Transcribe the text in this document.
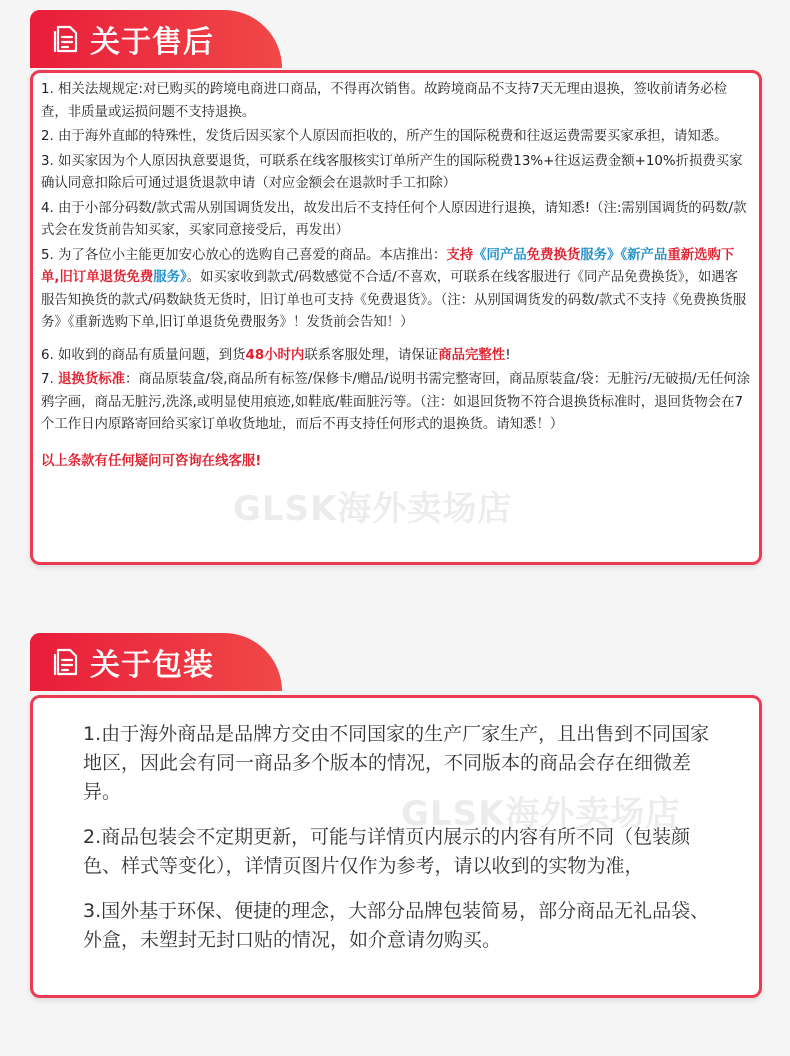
GLSK海外卖场店
1. 相关法规规定:对已购买的跨境电商进口商品，不得再次销售。故跨境商品不支持7天无理由退换，签收前请务必检查，非质量或运损问题不支持退换。
2. 由于海外直邮的特殊性，发货后因买家个人原因而拒收的，所产生的国际税费和往返运费需要买家承担，请知悉。
3. 如买家因为个人原因执意要退货，可联系在线客服核实订单所产生的国际税费13%+往返运费金额+10%折损费买家确认同意扣除后可通过退货退款申请（对应金额会在退款时手工扣除）
4. 由于小部分码数/款式需从别国调货发出，故发出后不支持任何个人原因进行退换，请知悉!（注:需别国调货的码数/款式会在发货前告知买家，买家同意接受后，再发出）
5. 为了各位小主能更加安心放心的选购自己喜爱的商品。本店推出：支持《同产品免费换货服务》《新产品重新选购下单,旧订单退货免费服务》。如买家收到款式/码数感觉不合适/不喜欢，可联系在线客服进行《同产品免费换货》，如遇客服告知换货的款式/码数缺货无货时，旧订单也可支持《免费退货》。（注：从别国调货发的码数/款式不支持《免费换货服务》《重新选购下单,旧订单退货免费服务》！发货前会告知！）
6. 如收到的商品有质量问题，到货48小时内联系客服处理，请保证商品完整性!
7. 退换货标准：商品原装盒/袋,商品所有标签/保修卡/赠品/说明书需完整寄回，商品原装盒/袋：无脏污/无破损/无任何涂鸦字画，商品无脏污,洗涤,或明显使用痕迹,如鞋底/鞋面脏污等。（注：如退回货物不符合退换货标准时，退回货物会在7个工作日内原路寄回给买家订单收货地址，而后不再支持任何形式的退换货。请知悉！）
以上条款有任何疑问可咨询在线客服!
关于售后
GLSK海外卖场店
1.由于海外商品是品牌方交由不同国家的生产厂家生产，且出售到不同国家地区，因此会有同一商品多个版本的情况，不同版本的商品会存在细微差异。
2.商品包装会不定期更新，可能与详情页内展示的内容有所不同（包装颜色、样式等变化），详情页图片仅作为参考，请以收到的实物为准，
3.国外基于环保、便捷的理念，大部分品牌包装简易，部分商品无礼品袋、外盒，未塑封无封口贴的情况，如介意请勿购买。
关于包装
